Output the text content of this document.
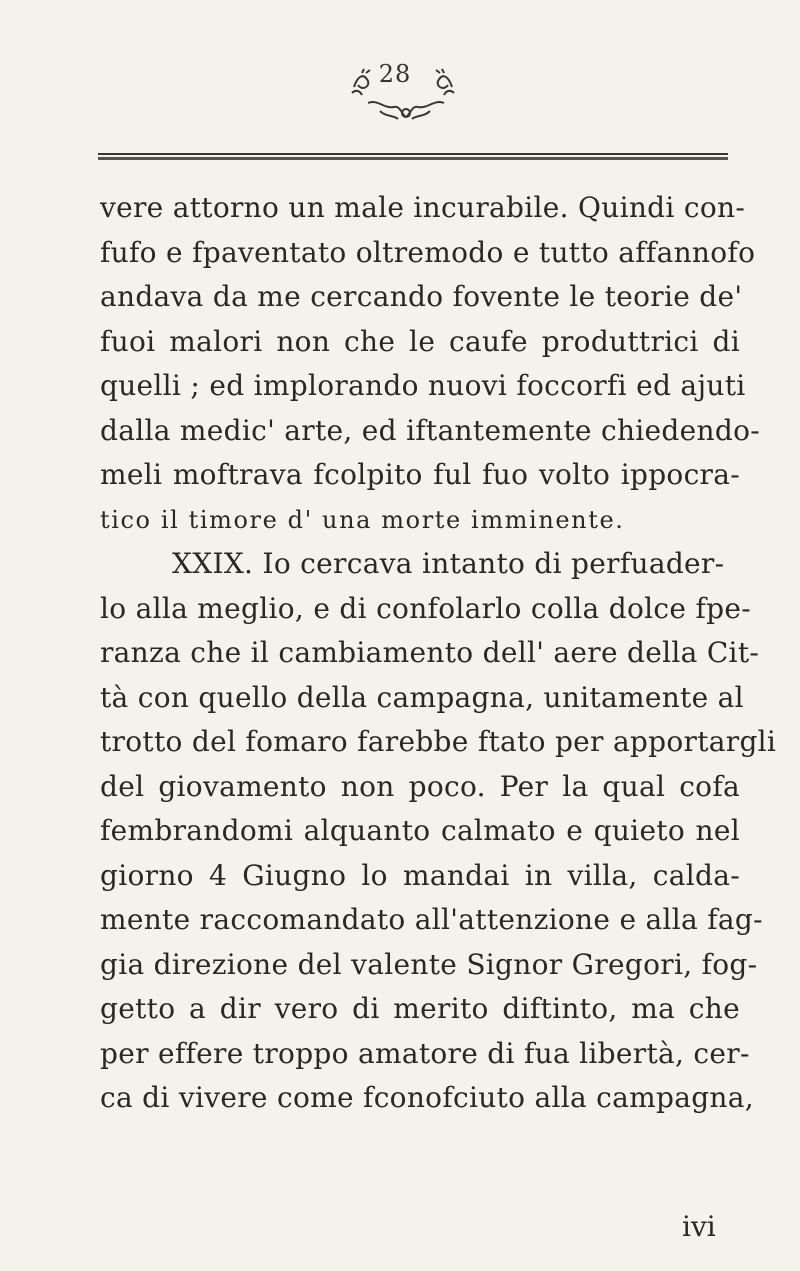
28
vere attorno un male incurabile. Quindi con-
fufo e fpaventato oltremodo e tutto affannofo
andava da me cercando fovente le teorie de'
fuoi malori non che le caufe produttrici di
quelli ; ed implorando nuovi foccorfi ed ajuti
dalla medic' arte, ed iftantemente chiedendo-
meli moftrava fcolpito ful fuo volto ippocra-
tico il timore d' una morte imminente.
XXIX. Io cercava intanto di perfuader-
lo alla meglio, e di confolarlo colla dolce fpe-
ranza che il cambiamento dell' aere della Cit-
tà con quello della campagna, unitamente al
trotto del fomaro farebbe ftato per apportargli
del giovamento non poco. Per la qual cofa
fembrandomi alquanto calmato e quieto nel
giorno 4 Giugno lo mandai in villa, calda-
mente raccomandato all'attenzione e alla fag-
gia direzione del valente Signor Gregori, fog-
getto a dir vero di merito diftinto, ma che
per effere troppo amatore di fua libertà, cer-
ca di vivere come fconofciuto alla campagna,
ivi
